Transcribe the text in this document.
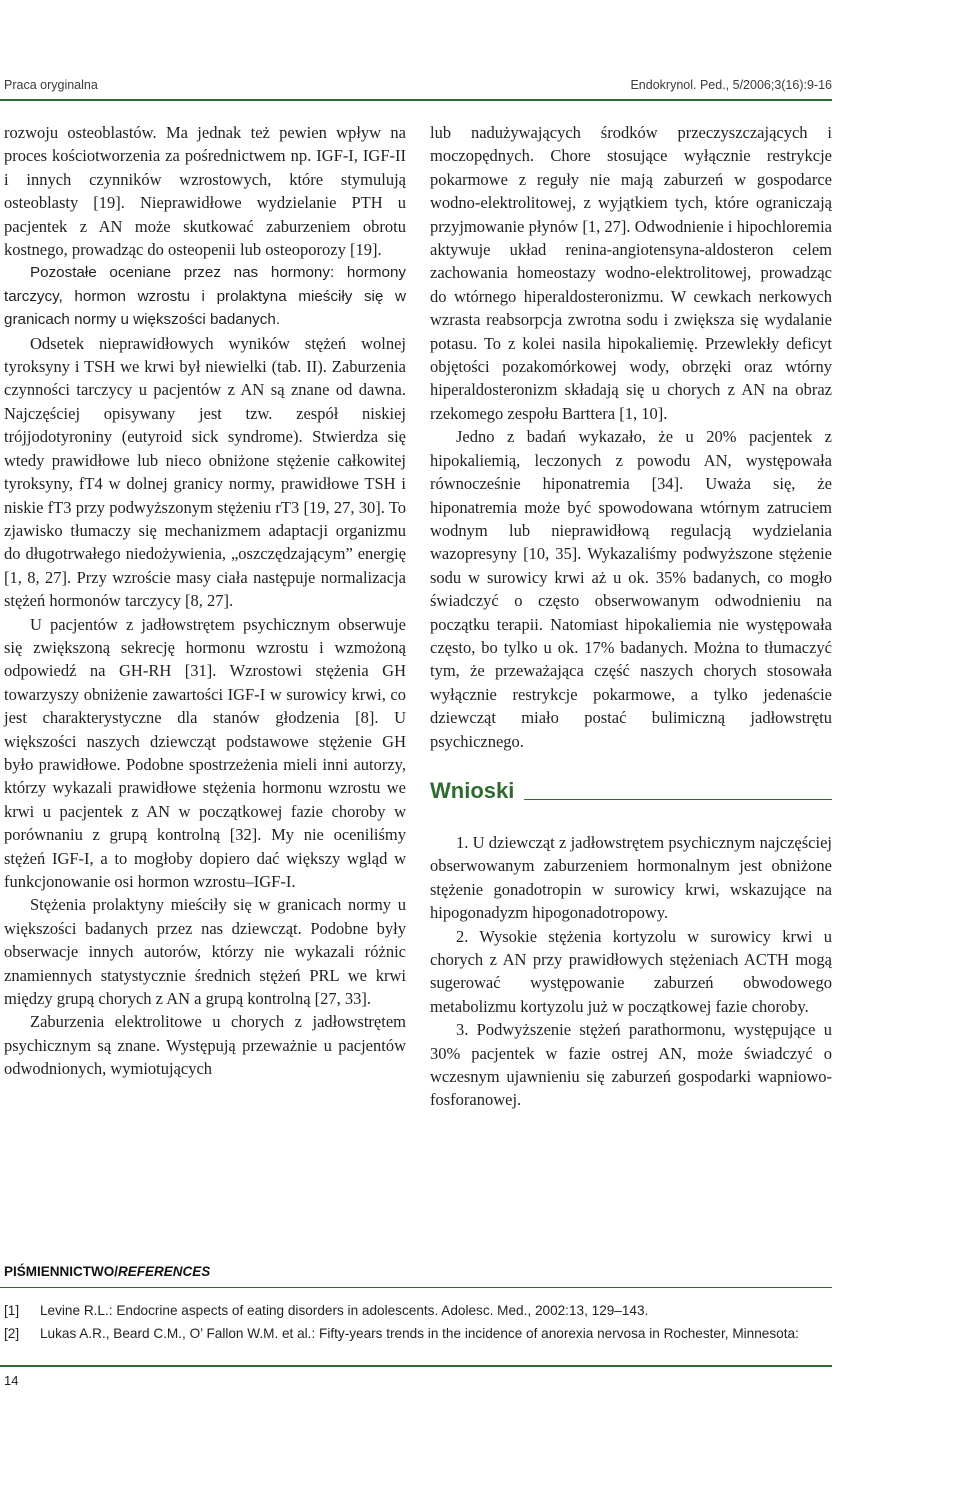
Praca oryginalna	Endokrynol. Ped., 5/2006;3(16):9-16

rozwoju osteoblastów. Ma jednak też pewien wpływ na proces kościotworzenia za pośrednictwem np. IGF-I, IGF-II i innych czynników wzrostowych, które stymulują osteoblasty [19]. Nieprawidłowe wydzielanie PTH u pacjentek z AN może skutkować zaburzeniem obrotu kostnego, prowadząc do osteopenii lub osteoporozy [19].

Pozostałe oceniane przez nas hormony: hormony tarczycy, hormon wzrostu i prolaktyna mieściły się w granicach normy u większości badanych.

Odsetek nieprawidłowych wyników stężeń wolnej tyroksyny i TSH we krwi był niewielki (tab. II). Zaburzenia czynności tarczycy u pacjentów z AN są znane od dawna. Najczęściej opisywany jest tzw. zespół niskiej trójjodotyroniny (eutyroid sick syndrome). Stwierdza się wtedy prawidłowe lub nieco obniżone stężenie całkowitej tyroksyny, fT4 w dolnej granicy normy, prawidłowe TSH i niskie fT3 przy podwyższonym stężeniu rT3 [19, 27, 30]. To zjawisko tłumaczy się mechanizmem adaptacji organizmu do długotrwałego niedożywienia, „oszczędzającym” energię [1, 8, 27]. Przy wzroście masy ciała następuje normalizacja stężeń hormonów tarczycy [8, 27].

U pacjentów z jadłowstrętem psychicznym obserwuje się zwiększoną sekrecję hormonu wzrostu i wzmożoną odpowiedź na GH-RH [31]. Wzrostowi stężenia GH towarzyszy obniżenie zawartości IGF-I w surowicy krwi, co jest charakterystyczne dla stanów głodzenia [8]. U większości naszych dziewcząt podstawowe stężenie GH było prawidłowe. Podobne spostrzeżenia mieli inni autorzy, którzy wykazali prawidłowe stężenia hormonu wzrostu we krwi u pacjentek z AN w początkowej fazie choroby w porównaniu z grupą kontrolną [32]. My nie oceniliśmy stężeń IGF-I, a to mogłoby dopiero dać większy wgląd w funkcjonowanie osi hormon wzrostu–IGF-I.

Stężenia prolaktyny mieściły się w granicach normy u większości badanych przez nas dziewcząt. Podobne były obserwacje innych autorów, którzy nie wykazali różnic znamiennych statystycznie średnich stężeń PRL we krwi między grupą chorych z AN a grupą kontrolną [27, 33].

Zaburzenia elektrolitowe u chorych z jadłowstrętem psychicznym są znane. Występują przeważnie u pacjentów odwodnionych, wymiotujących

lub nadużywających środków przeczyszczających i moczopędnych. Chore stosujące wyłącznie restrykcje pokarmowe z reguły nie mają zaburzeń w gospodarce wodno-elektrolitowej, z wyjątkiem tych, które ograniczają przyjmowanie płynów [1, 27]. Odwodnienie i hipochloremia aktywuje układ renina-angiotensyna-aldosteron celem zachowania homeostazy wodno-elektrolitowej, prowadząc do wtórnego hiperaldosteronizmu. W cewkach nerkowych wzrasta reabsorpcja zwrotna sodu i zwiększa się wydalanie potasu. To z kolei nasila hipokaliemię. Przewlekły deficyt objętości pozakomórkowej wody, obrzęki oraz wtórny hiperaldosteronizm składają się u chorych z AN na obraz rzekomego zespołu Barttera [1, 10].

Jedno z badań wykazało, że u 20% pacjentek z hipokaliemią, leczonych z powodu AN, występowała równocześnie hiponatremia [34]. Uważa się, że hiponatremia może być spowodowana wtórnym zatruciem wodnym lub nieprawidłową regulacją wydzielania wazopresyny [10, 35]. Wykazaliśmy podwyższone stężenie sodu w surowicy krwi aż u ok. 35% badanych, co mogło świadczyć o często obserwowanym odwodnieniu na początku terapii. Natomiast hipokaliemia nie występowała często, bo tylko u ok. 17% badanych. Można to tłumaczyć tym, że przeważająca część naszych chorych stosowała wyłącznie restrykcje pokarmowe, a tylko jedenaście dziewcząt miało postać bulimiczną jadłowstrętu psychicznego.

Wnioski

1. U dziewcząt z jadłowstrętem psychicznym najczęściej obserwowanym zaburzeniem hormonalnym jest obniżone stężenie gonadotropin w surowicy krwi, wskazujące na hipogonadyzm hipogonadotropowy.

2. Wysokie stężenia kortyzolu w surowicy krwi u chorych z AN przy prawidłowych stężeniach ACTH mogą sugerować występowanie zaburzeń obwodowego metabolizmu kortyzolu już w początkowej fazie choroby.

3. Podwyższenie stężeń parathormonu, występujące u 30% pacjentek w fazie ostrej AN, może świadczyć o wczesnym ujawnieniu się zaburzeń gospodarki wapniowo-fosforanowej.

PIŚMIENNICTWO/REFERENCES
[1]	Levine R.L.: Endocrine aspects of eating disorders in adolescents. Adolesc. Med., 2002:13, 129–143.
[2]	Lukas A.R., Beard C.M., O’ Fallon W.M. et al.: Fifty-years trends in the incidence of anorexia nervosa in Rochester, Minnesota:
14
